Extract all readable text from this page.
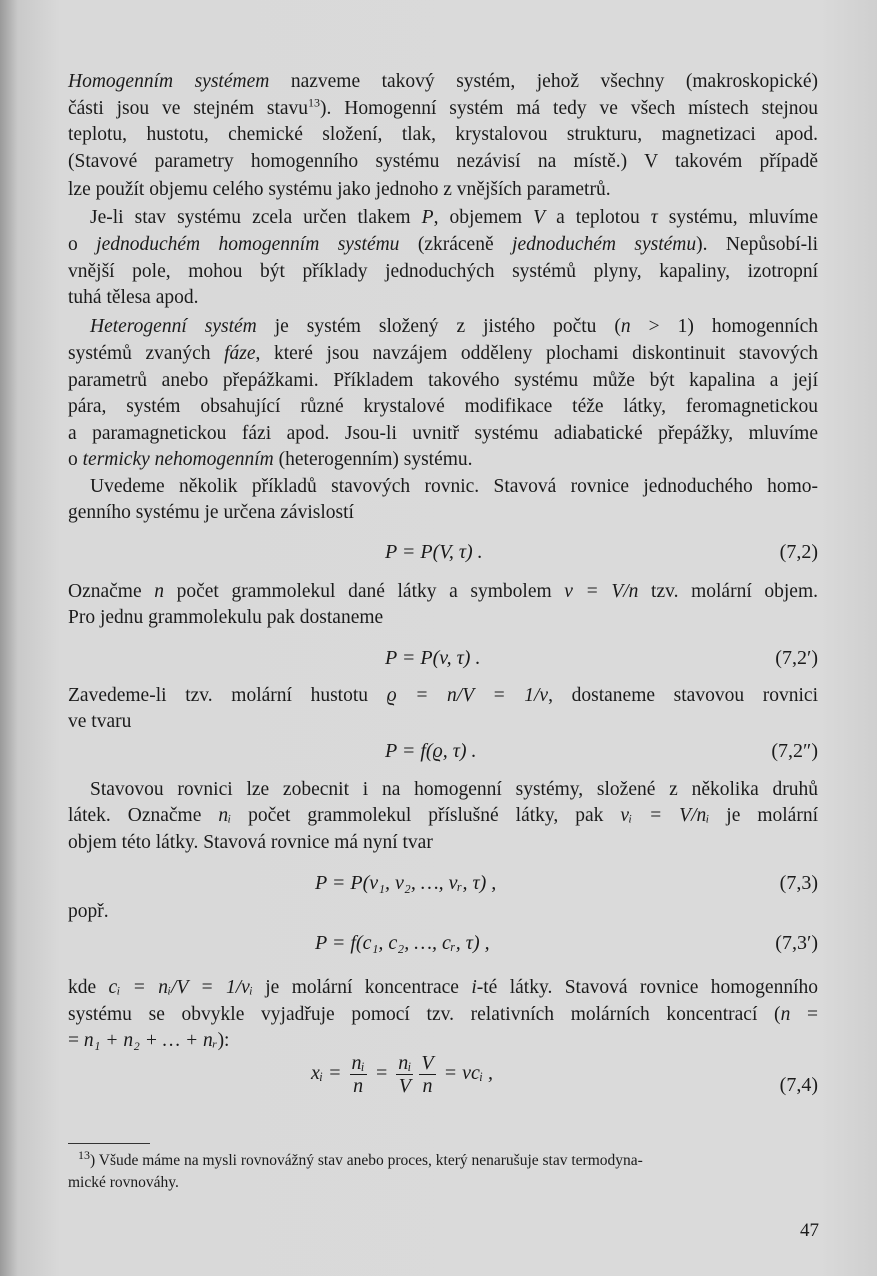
Homogenním systémem nazveme takový systém, jehož všechny (makroskopické)
části jsou ve stejném stavu$^{13}$). Homogenní systém má tedy ve všech místech stejnou
teplotu, hustotu, chemické složení, tlak, krystalovou strukturu, magnetizaci apod.
(Stavové parametry homogenního systému nezávisí na místě.) V takovém případě
lze použít objemu celého systému jako jednoho z vnějších parametrů.
Je-li stav systému zcela určen tlakem P, objemem V a teplotou τ systému, mluvíme
o jednoduchém homogenním systému (zkráceně jednoduchém systému). Nepůsobí-li
vnější pole, mohou být příklady jednoduchých systémů plyny, kapaliny, izotropní
tuhá tělesa apod.
Heterogenní systém je systém složený z jistého počtu (n > 1) homogenních
systémů zvaných fáze, které jsou navzájem odděleny plochami diskontinuit stavových
parametrů anebo přepážkami. Příkladem takového systému může být kapalina a její
pára, systém obsahující různé krystalové modifikace téže látky, feromagnetickou
a paramagnetickou fázi apod. Jsou-li uvnitř systému adiabatické přepážky, mluvíme
o termicky nehomogenním (heterogenním) systému.
Uvedeme několik příkladů stavových rovnic. Stavová rovnice jednoduchého homo-
genního systému je určena závislostí
Označme n počet grammolekul dané látky a symbolem v = V/n tzv. molární objem.
Pro jednu grammolekulu pak dostaneme
Zavedeme-li tzv. molární hustotu ϱ = n/V = 1/v, dostaneme stavovou rovnici
ve tvaru
Stavovou rovnici lze zobecnit i na homogenní systémy, složené z několika druhů
látek. Označme nᵢ počet grammolekul příslušné látky, pak vᵢ = V/nᵢ je molární
objem této látky. Stavová rovnice má nyní tvar
popř.
kde cᵢ = nᵢ/V = 1/vᵢ je molární koncentrace i-té látky. Stavová rovnice homogenního
systému se obvykle vyjadřuje pomocí tzv. relativních molárních koncentrací (n =
= n₁ + n₂ + … + nᵣ):
P = P(V, τ) .	(7,2)
P = P(v, τ) .	(7,2′)
P = f(ϱ, τ) .	(7,2″)
P = P(v₁, v₂, …, vᵣ, τ) ,	(7,3)
P = f(c₁, c₂, …, cᵣ, τ) ,	(7,3′)
xᵢ = $\frac{\text{nᵢ}}{n} = \frac{\text{nᵢ}}{V} \frac{V}{n}$ = vcᵢ ,
(7,4)
$^{13}$) Všude máme na mysli rovnovážný stav anebo proces, který nenarušuje stav termodyna-
mické rovnováhy.
47
